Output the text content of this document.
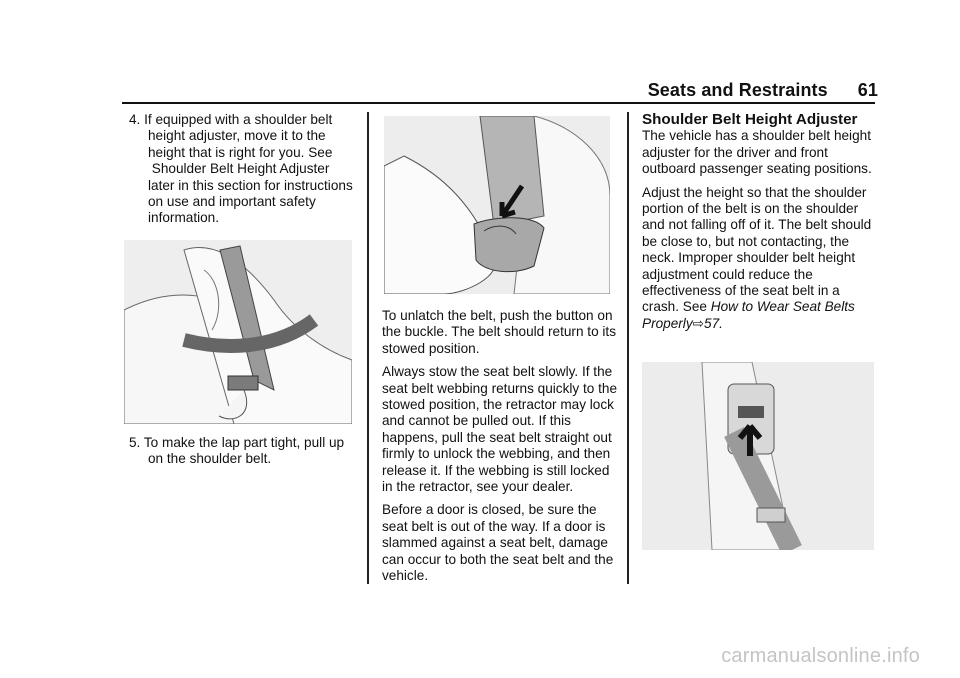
Seats and Restraints 61

4. If equipped with a shoulder belt height adjuster, move it to the height that is right for you. See  Shoulder Belt Height Adjuster later in this section for instructions on use and important safety information.

5. To make the lap part tight, pull up on the shoulder belt.

To unlatch the belt, push the button on the buckle. The belt should return to its stowed position.

Always stow the seat belt slowly. If the seat belt webbing returns quickly to the stowed position, the retractor may lock and cannot be pulled out. If this happens, pull the seat belt straight out firmly to unlock the webbing, and then release it. If the webbing is still locked in the retractor, see your dealer.

Before a door is closed, be sure the seat belt is out of the way. If a door is slammed against a seat belt, damage can occur to both the seat belt and the vehicle.

Shoulder Belt Height Adjuster

The vehicle has a shoulder belt height adjuster for the driver and front outboard passenger seating positions.

Adjust the height so that the shoulder portion of the belt is on the shoulder and not falling off of it. The belt should be close to, but not contacting, the neck. Improper shoulder belt height adjustment could reduce the effectiveness of the seat belt in a crash. See How to Wear Seat Belts Properly⇨57.

carmanualsonline.info
